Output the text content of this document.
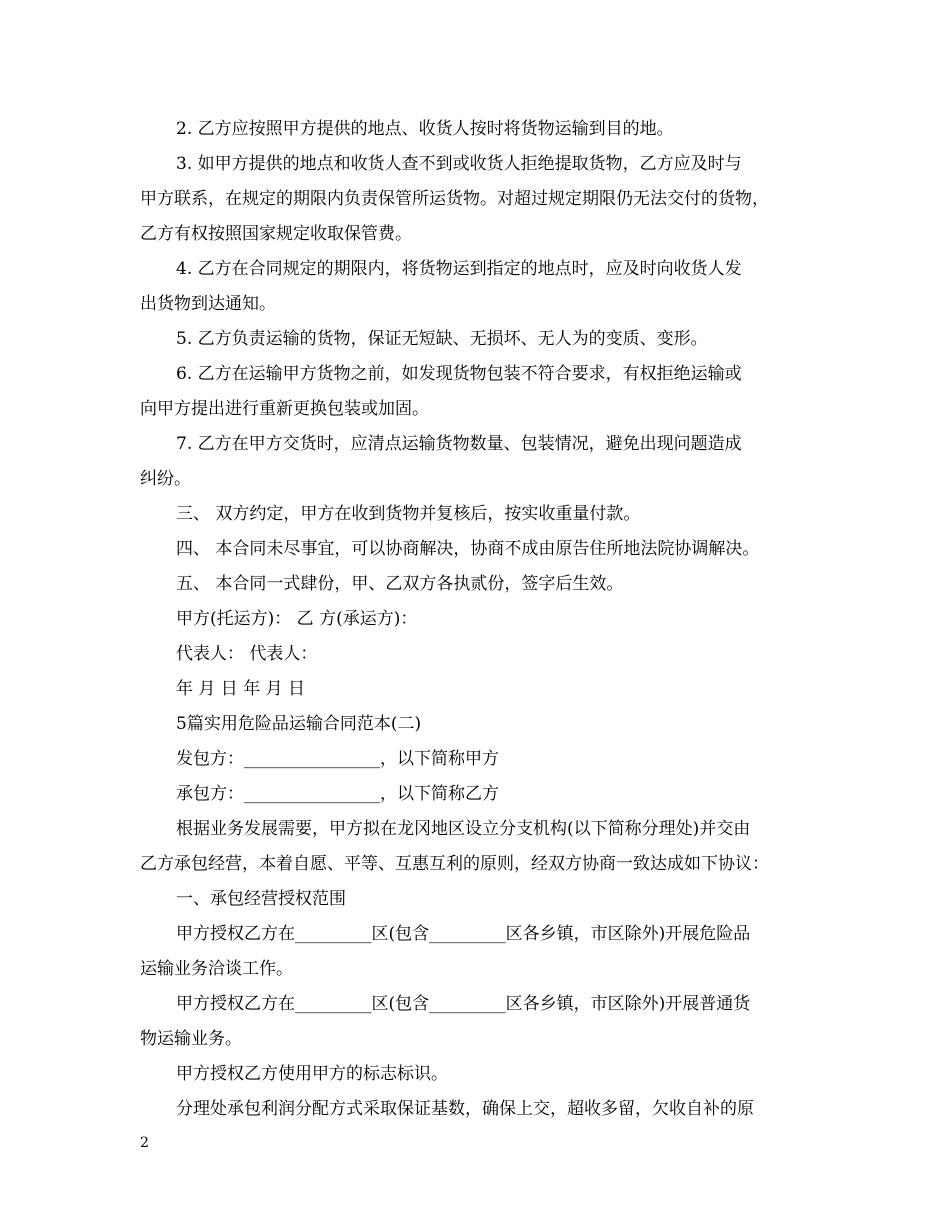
2. 乙方应按照甲方提供的地点、收货人按时将货物运输到目的地。
3. 如甲方提供的地点和收货人查不到或收货人拒绝提取货物，乙方应及时与
甲方联系，在规定的期限内负责保管所运货物。对超过规定期限仍无法交付的货物，
乙方有权按照国家规定收取保管费。
4. 乙方在合同规定的期限内，将货物运到指定的地点时，应及时向收货人发
出货物到达通知。
5. 乙方负责运输的货物，保证无短缺、无损坏、无人为的变质、变形。
6. 乙方在运输甲方货物之前，如发现货物包装不符合要求，有权拒绝运输或
向甲方提出进行重新更换包装或加固。
7. 乙方在甲方交货时，应清点运输货物数量、包装情况，避免出现问题造成
纠纷。
三、 双方约定，甲方在收到货物并复核后，按实收重量付款。
四、 本合同未尽事宜，可以协商解决，协商不成由原告住所地法院协调解决。
五、 本合同一式肆份，甲、乙双方各执贰份，签字后生效。
甲方(托运方)： 乙 方(承运方)：
代表人： 代表人：
年 月 日 年 月 日
5篇实用危险品运输合同范本(二)
发包方：________________，以下简称甲方
承包方：________________，以下简称乙方
根据业务发展需要，甲方拟在龙冈地区设立分支机构(以下简称分理处)并交由
乙方承包经营，本着自愿、平等、互惠互利的原则，经双方协商一致达成如下协议：
一、承包经营授权范围
甲方授权乙方在_________区(包含_________区各乡镇，市区除外)开展危险品
运输业务洽谈工作。
甲方授权乙方在_________区(包含_________区各乡镇，市区除外)开展普通货
物运输业务。
甲方授权乙方使用甲方的标志标识。
分理处承包利润分配方式采取保证基数，确保上交，超收多留，欠收自补的原
2
